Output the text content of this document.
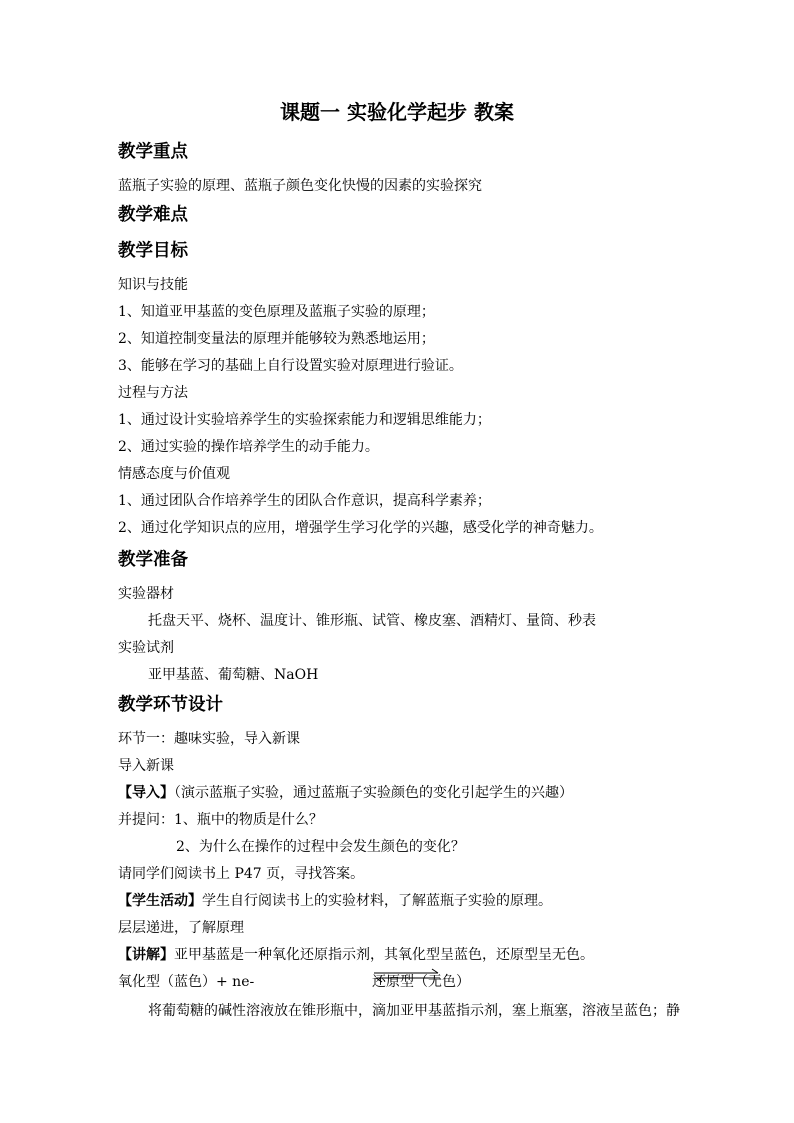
课题一 实验化学起步 教案
教学重点
蓝瓶子实验的原理、蓝瓶子颜色变化快慢的因素的实验探究
教学难点
教学目标
知识与技能
1、知道亚甲基蓝的变色原理及蓝瓶子实验的原理；
2、知道控制变量法的原理并能够较为熟悉地运用；
3、能够在学习的基础上自行设置实验对原理进行验证。
过程与方法
1、通过设计实验培养学生的实验探索能力和逻辑思维能力；
2、通过实验的操作培养学生的动手能力。
情感态度与价值观
1、通过团队合作培养学生的团队合作意识，提高科学素养；
2、通过化学知识点的应用，增强学生学习化学的兴趣，感受化学的神奇魅力。
教学准备
实验器材
托盘天平、烧杯、温度计、锥形瓶、试管、橡皮塞、酒精灯、量筒、秒表
实验试剂
亚甲基蓝、葡萄糖、NaOH
教学环节设计
环节一：趣味实验，导入新课
导入新课
【导入】（演示蓝瓶子实验，通过蓝瓶子实验颜色的变化引起学生的兴趣）
并提问：1、瓶中的物质是什么？
2、为什么在操作的过程中会发生颜色的变化？
请同学们阅读书上 P47 页，寻找答案。
【学生活动】学生自行阅读书上的实验材料，了解蓝瓶子实验的原理。
层层递进，了解原理
【讲解】亚甲基蓝是一种氧化还原指示剂，其氧化型呈蓝色，还原型呈无色。
氧化型（蓝色）+ ne-	还原型（无色）
将葡萄糖的碱性溶液放在锥形瓶中，滴加亚甲基蓝指示剂，塞上瓶塞，溶液呈蓝色；静
